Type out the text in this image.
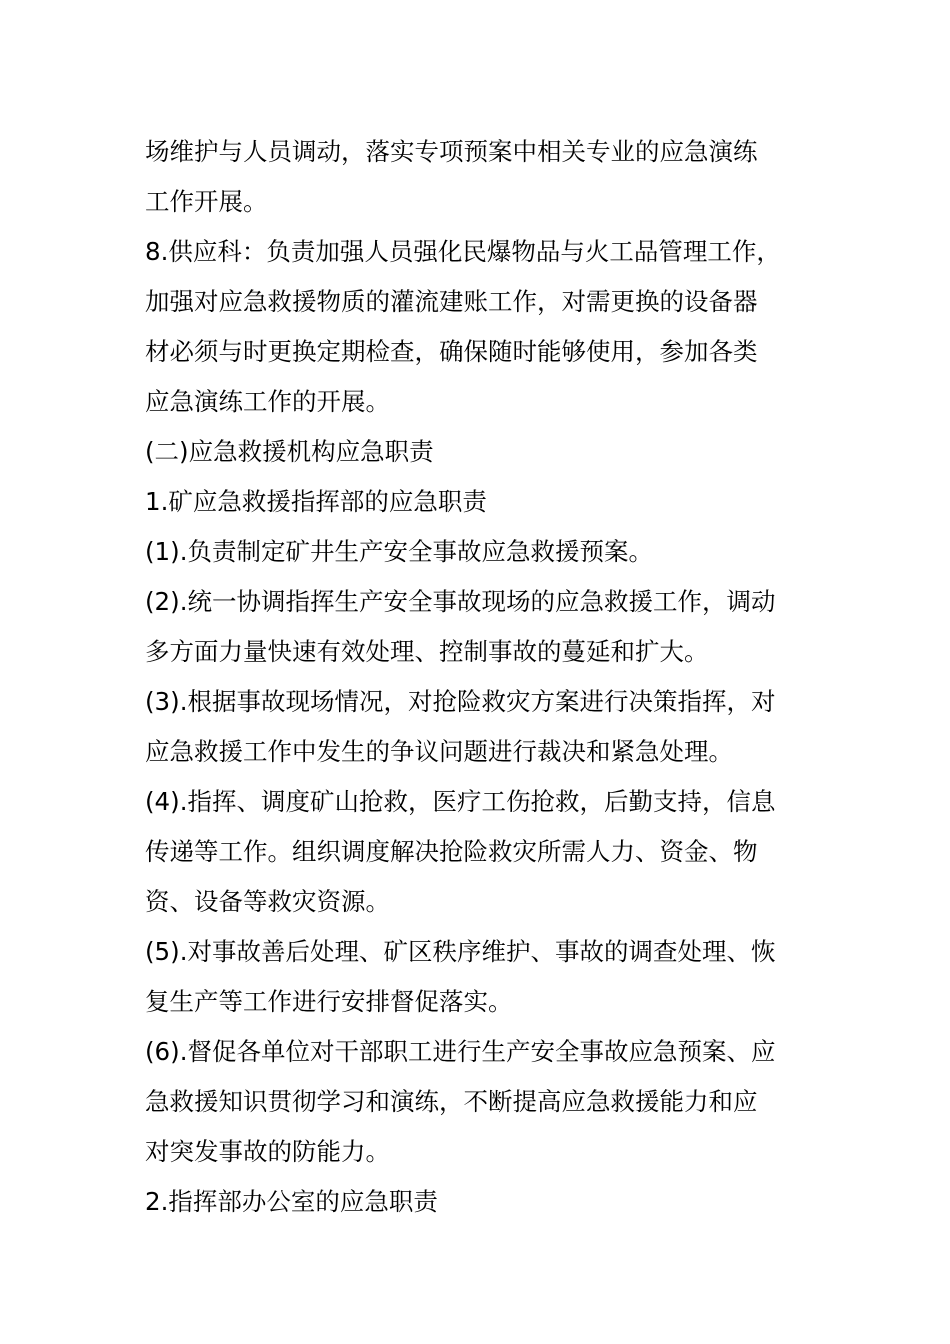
场维护与人员调动，落实专项预案中相关专业的应急演练
工作开展。
8.供应科：负责加强人员强化民爆物品与火工品管理工作，
加强对应急救援物质的灌流建账工作，对需更换的设备器
材必须与时更换定期检查，确保随时能够使用，参加各类
应急演练工作的开展。
(二)应急救援机构应急职责
1.矿应急救援指挥部的应急职责
(1).负责制定矿井生产安全事故应急救援预案。
(2).统一协调指挥生产安全事故现场的应急救援工作，调动
多方面力量快速有效处理、控制事故的蔓延和扩大。
(3).根据事故现场情况，对抢险救灾方案进行决策指挥，对
应急救援工作中发生的争议问题进行裁决和紧急处理。
(4).指挥、调度矿山抢救，医疗工伤抢救，后勤支持，信息
传递等工作。组织调度解决抢险救灾所需人力、资金、物
资、设备等救灾资源。
(5).对事故善后处理、矿区秩序维护、事故的调查处理、恢
复生产等工作进行安排督促落实。
(6).督促各单位对干部职工进行生产安全事故应急预案、应
急救援知识贯彻学习和演练，不断提高应急救援能力和应
对突发事故的防能力。
2.指挥部办公室的应急职责
